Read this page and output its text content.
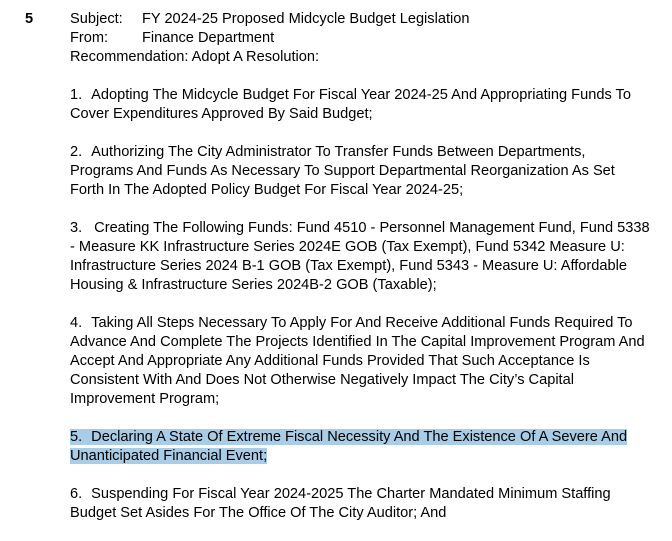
5	Subject: FY 2024-25 Proposed Midcycle Budget Legislation
From: Finance Department
Recommendation: Adopt A Resolution:
1. Adopting The Midcycle Budget For Fiscal Year 2024-25 And Appropriating Funds To
Cover Expenditures Approved By Said Budget;
2. Authorizing The City Administrator To Transfer Funds Between Departments,
Programs And Funds As Necessary To Support Departmental Reorganization As Set
Forth In The Adopted Policy Budget For Fiscal Year 2024-25;
3. Creating The Following Funds: Fund 4510 - Personnel Management Fund, Fund 5338
- Measure KK Infrastructure Series 2024E GOB (Tax Exempt), Fund 5342 Measure U:
Infrastructure Series 2024 B-1 GOB (Tax Exempt), Fund 5343 - Measure U: Affordable
Housing & Infrastructure Series 2024B-2 GOB (Taxable);
4. Taking All Steps Necessary To Apply For And Receive Additional Funds Required To
Advance And Complete The Projects Identified In The Capital Improvement Program And
Accept And Appropriate Any Additional Funds Provided That Such Acceptance Is
Consistent With And Does Not Otherwise Negatively Impact The City’s Capital
Improvement Program;
5. Declaring A State Of Extreme Fiscal Necessity And The Existence Of A Severe And
Unanticipated Financial Event;
6. Suspending For Fiscal Year 2024-2025 The Charter Mandated Minimum Staffing
Budget Set Asides For The Office Of The City Auditor; And
